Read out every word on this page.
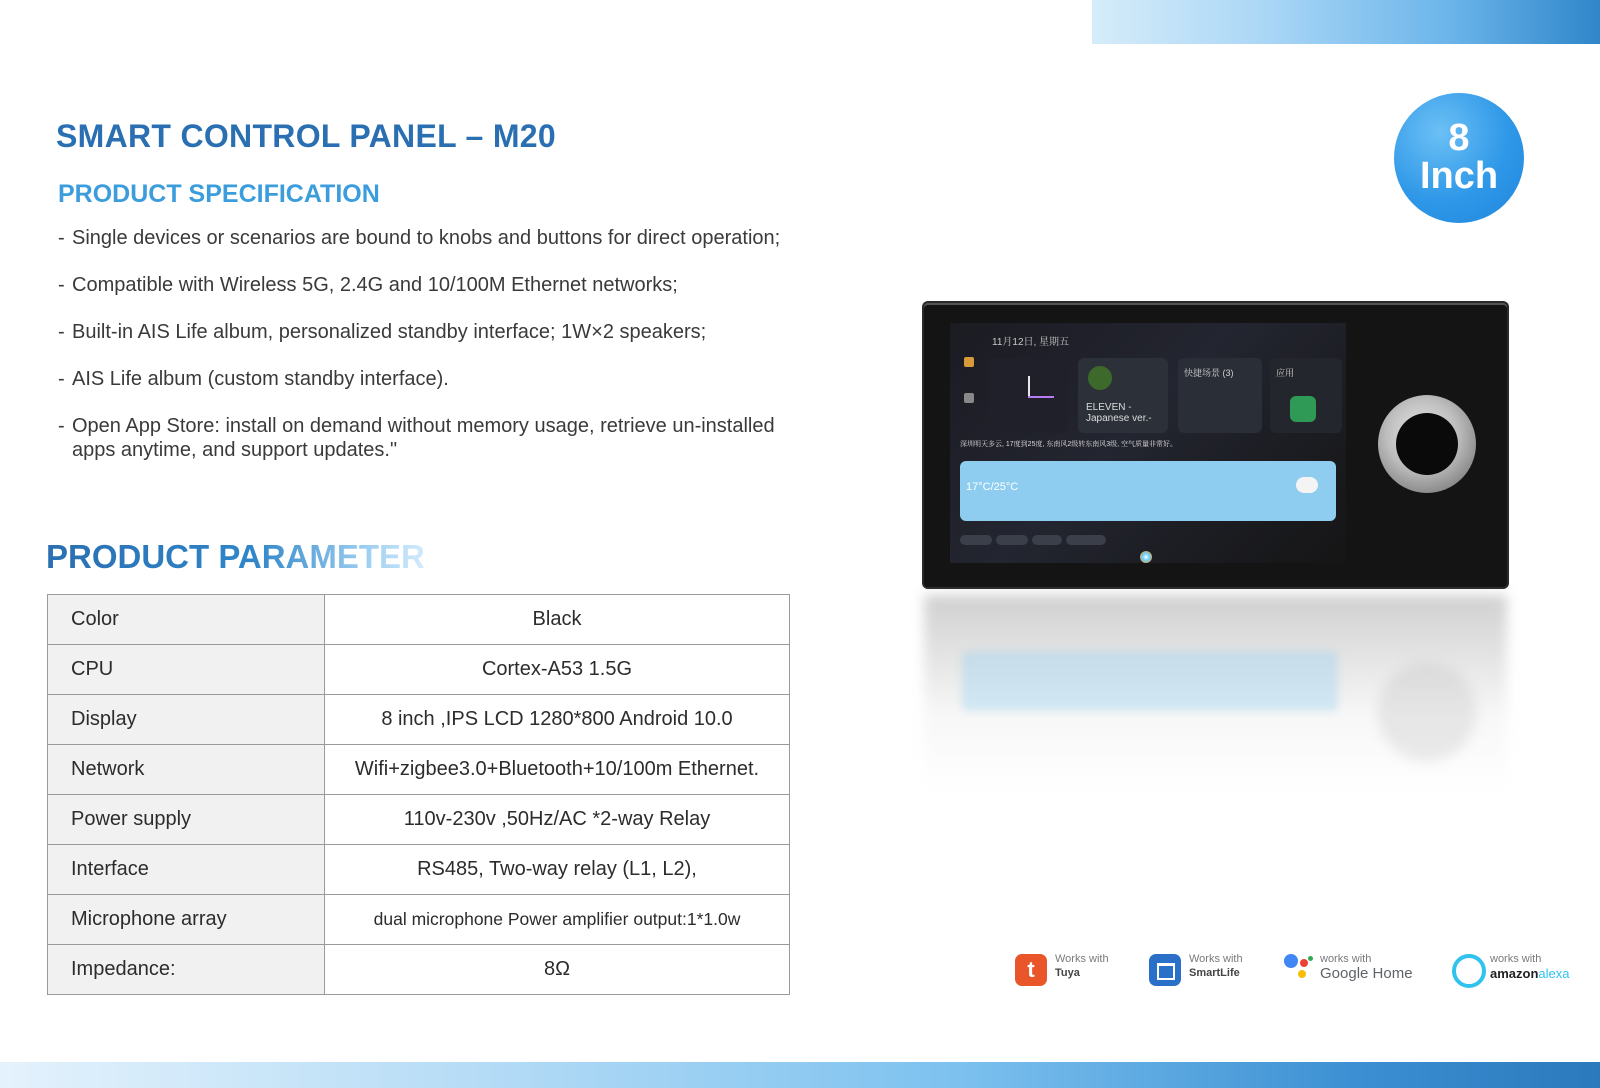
SMART CONTROL PANEL – M20
PRODUCT SPECIFICATION
- Single devices or scenarios are bound to knobs and buttons for direct operation;
- Compatible with Wireless 5G, 2.4G and 10/100M Ethernet networks;
- Built-in AIS Life album, personalized standby interface; 1W×2 speakers;
- AIS Life album (custom standby interface).
- Open App Store: install on demand without memory usage, retrieve un-installed apps anytime, and support updates."
PRODUCT PARAMETER
Color	Black
CPU	Cortex-A53 1.5G
Display	8 inch ,IPS LCD 1280*800 Android 10.0
Network	Wifi+zigbee3.0+Bluetooth+10/100m Ethernet.
Power supply	110v-230v ,50Hz/AC *2-way Relay
Interface	RS485, Two-way relay (L1, L2),
Microphone array	dual microphone Power amplifier output:1*1.0w
Impedance:	8Ω
8
Inch
11月12日, 星期五
ELEVEN -
Japanese ver.-
快捷场景 (3)	应用
深圳明天多云, 17度到25度, 东南风2级转东南风3级, 空气质量非常好。
17°C/25°C
t	Works with
Tuya
Works with
SmartLife
works with
Google Home
works with
amazonalexa
